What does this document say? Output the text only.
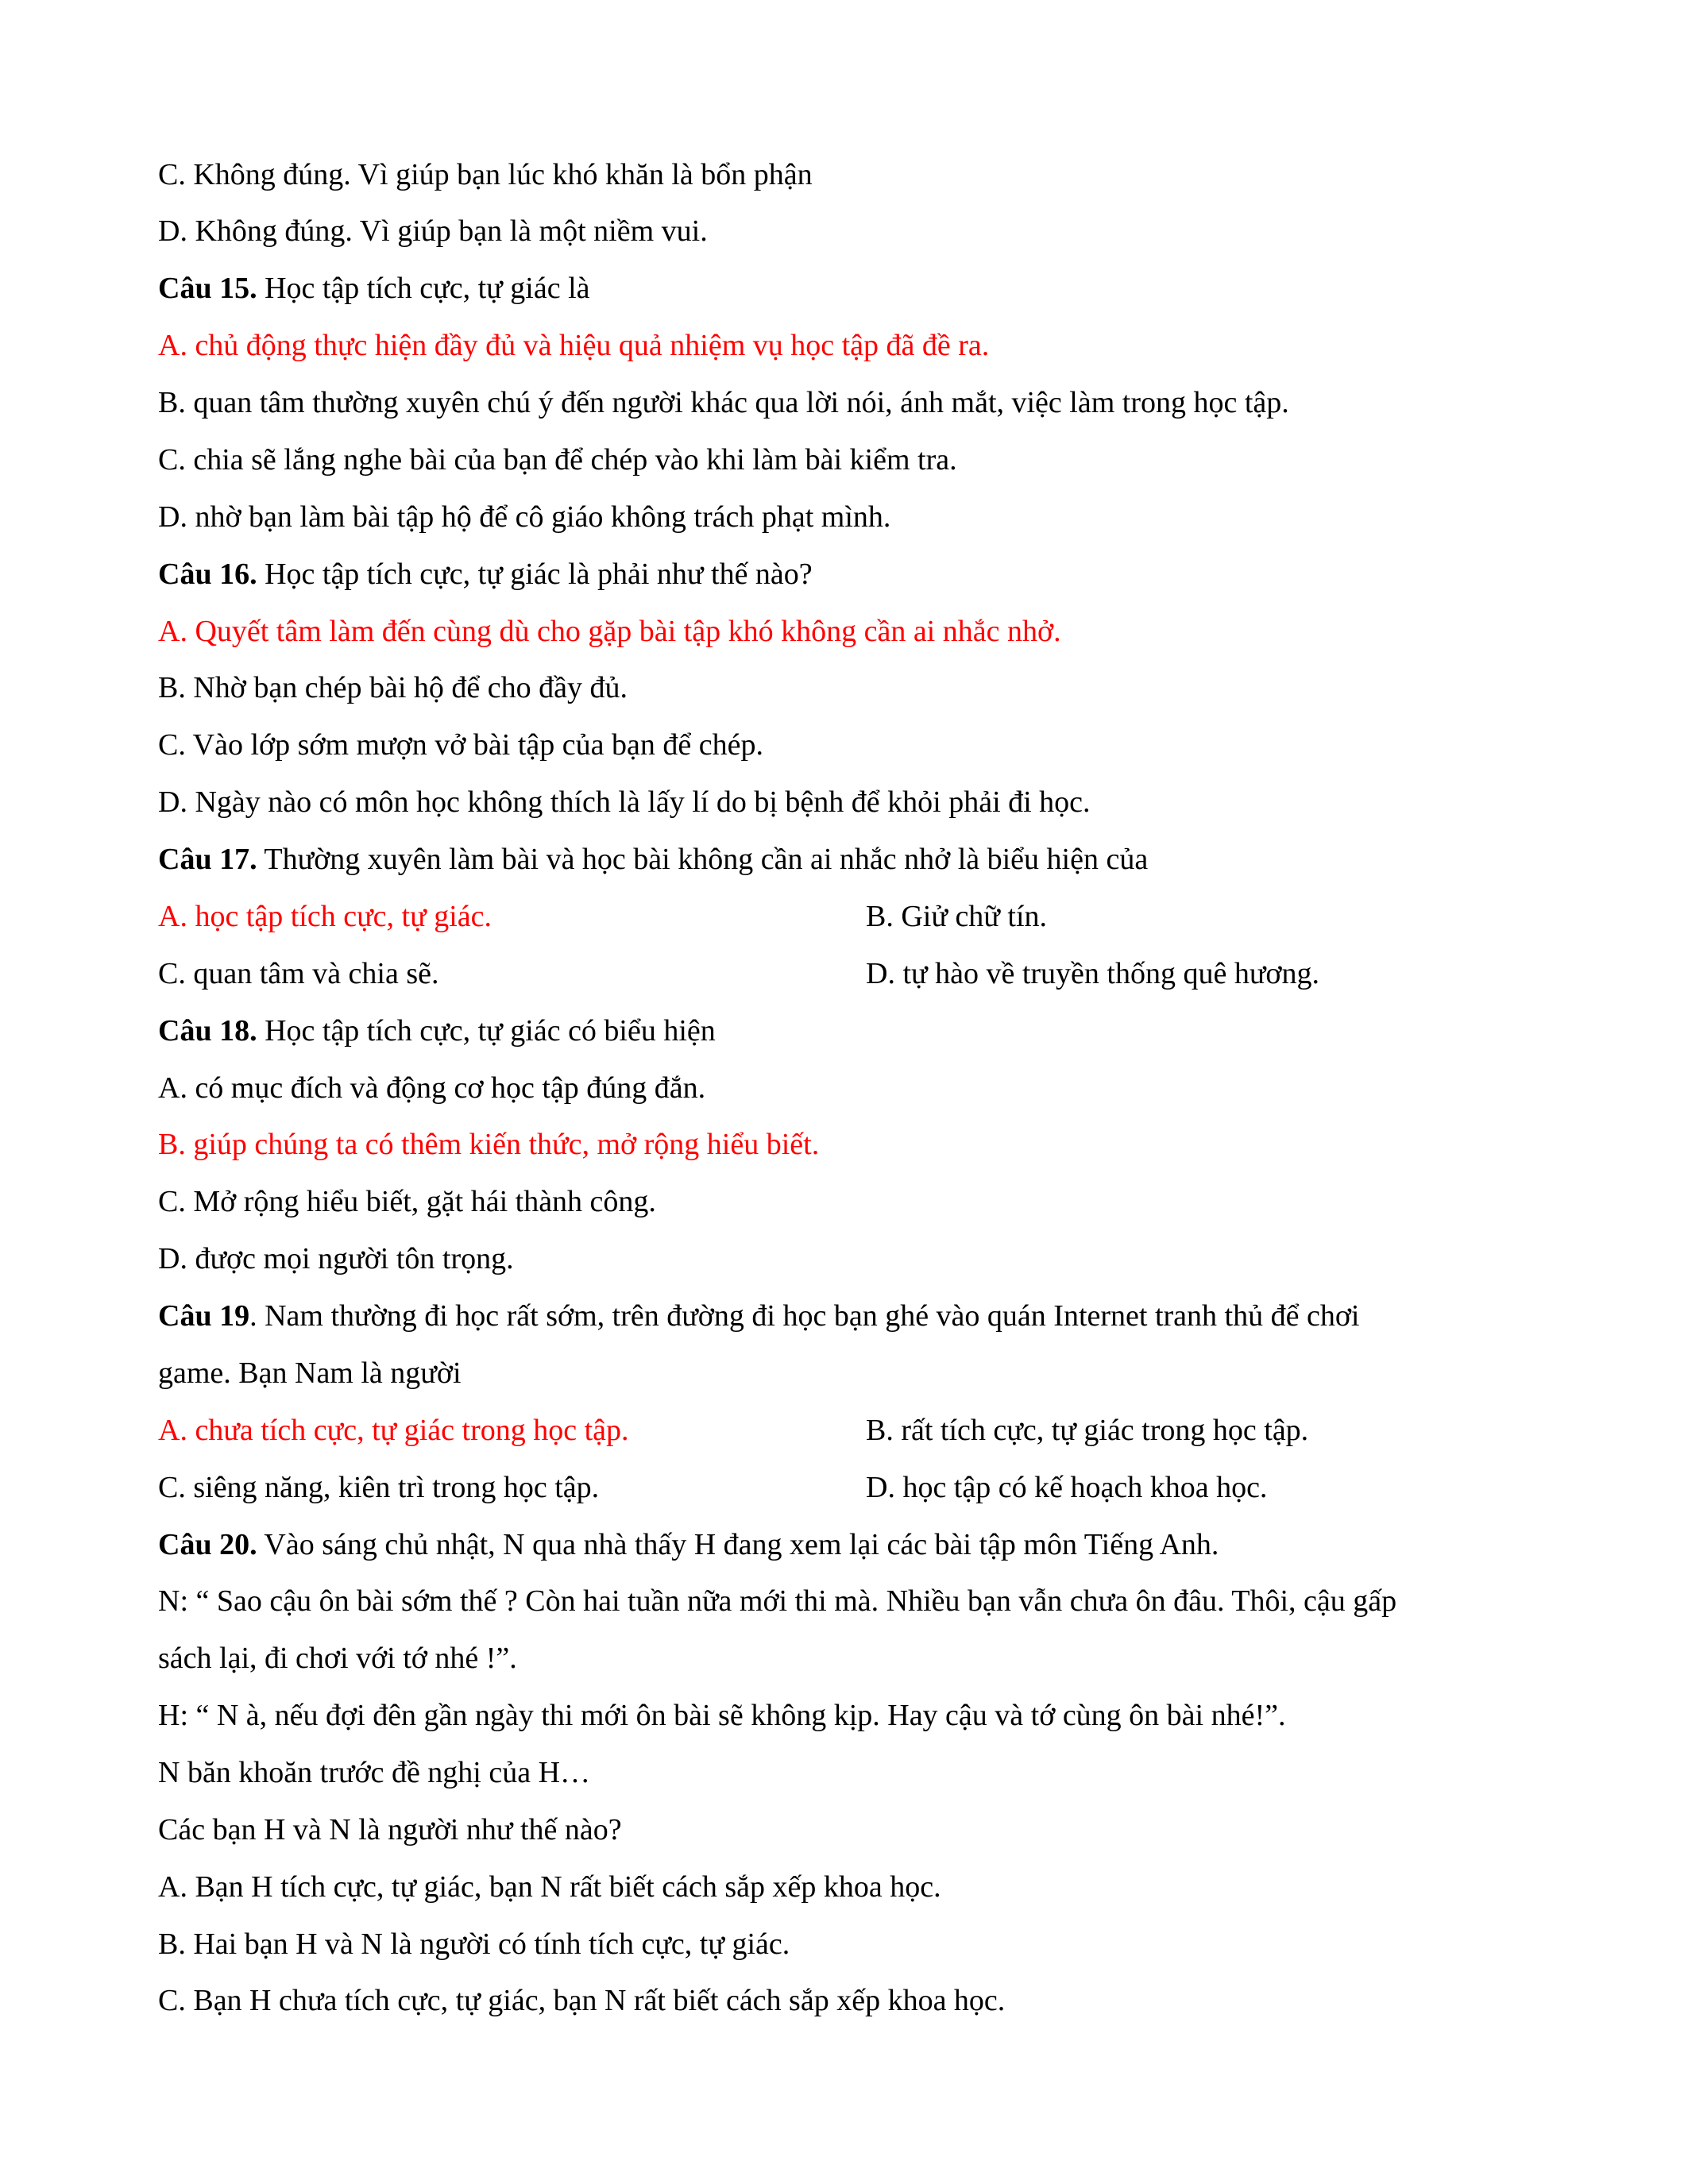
C. Không đúng. Vì giúp bạn lúc khó khăn là bổn phận
D. Không đúng. Vì giúp bạn là một niềm vui.
Câu 15. Học tập tích cực, tự giác là
A. chủ động thực hiện đầy đủ và hiệu quả nhiệm vụ học tập đã đề ra.
B. quan tâm thường xuyên chú ý đến người khác qua lời nói, ánh mắt, việc làm trong học tập.
C. chia sẽ lắng nghe bài của bạn để chép vào khi làm bài kiểm tra.
D. nhờ bạn làm bài tập hộ để cô giáo không trách phạt mình.
Câu 16. Học tập tích cực, tự giác là phải như thế nào?
A. Quyết tâm làm đến cùng dù cho gặp bài tập khó không cần ai nhắc nhở.
B. Nhờ bạn chép bài hộ để cho đầy đủ.
C. Vào lớp sớm mượn vở bài tập của bạn để chép.
D. Ngày nào có môn học không thích là lấy lí do bị bệnh để khỏi phải đi học.
Câu 17. Thường xuyên làm bài và học bài không cần ai nhắc nhở là biểu hiện của
A. học tập tích cực, tự giác.	B. Giử chữ tín.
C. quan tâm và chia sẽ.	D. tự hào về truyền thống quê hương.
Câu 18. Học tập tích cực, tự giác có biểu hiện
A. có mục đích và động cơ học tập đúng đắn.
B. giúp chúng ta có thêm kiến thức, mở rộng hiểu biết.
C. Mở rộng hiểu biết, gặt hái thành công.
D. được mọi người tôn trọng.
Câu 19. Nam thường đi học rất sớm, trên đường đi học bạn ghé vào quán Internet tranh thủ để chơi
game. Bạn Nam là người
A. chưa tích cực, tự giác trong học tập.	B. rất tích cực, tự giác trong học tập.
C. siêng năng, kiên trì trong học tập.	D. học tập có kế hoạch khoa học.
Câu 20. Vào sáng chủ nhật, N qua nhà thấy H đang xem lại các bài tập môn Tiếng Anh.
N: “ Sao cậu ôn bài sớm thế ? Còn hai tuần nữa mới thi mà. Nhiều bạn vẫn chưa ôn đâu. Thôi, cậu gấp
sách lại, đi chơi với tớ nhé !”.
H: “ N à, nếu đợi đên gần ngày thi mới ôn bài sẽ không kịp. Hay cậu và tớ cùng ôn bài nhé!”.
N băn khoăn trước đề nghị của H…
Các bạn H và N là người như thế nào?
A. Bạn H tích cực, tự giác, bạn N rất biết cách sắp xếp khoa học.
B. Hai bạn H và N là người có tính tích cực, tự giác.
C. Bạn H chưa tích cực, tự giác, bạn N rất biết cách sắp xếp khoa học.
